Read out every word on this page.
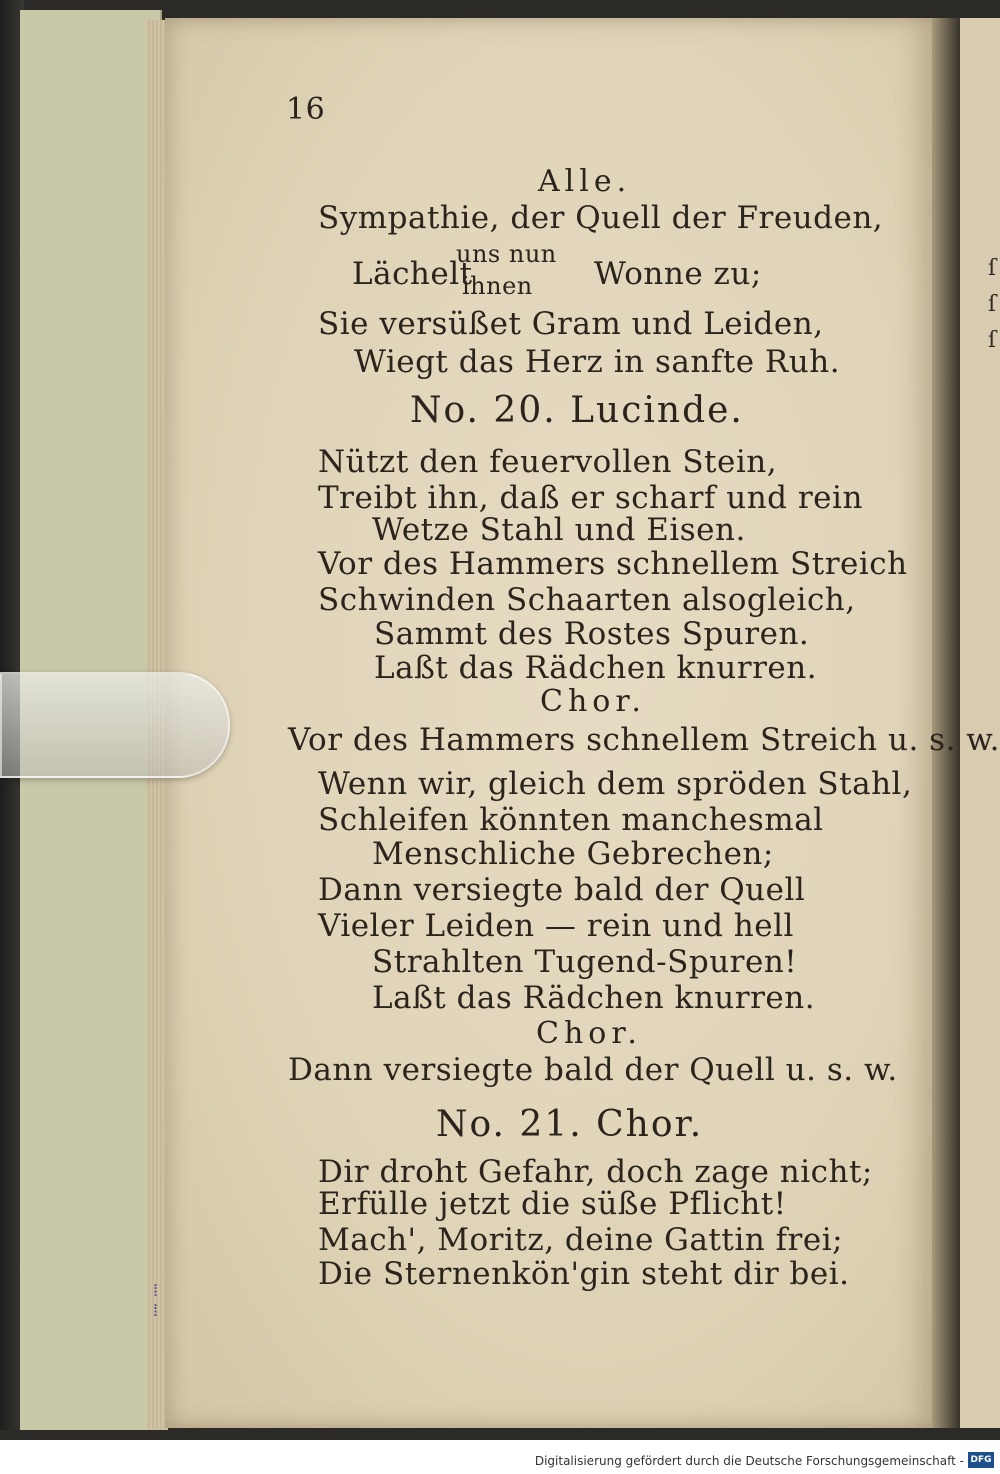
ſ
ſ
ſ
16
Alle.
Sympathie, der Quell der Freuden,
Lächelt
uns nun
ihnen Wonne zu;
Sie versüßet Gram und Leiden,
Wiegt das Herz in sanfte Ruh.
No. 20. Lucinde.
Nützt den feuervollen Stein,
Treibt ihn, daß er scharf und rein
Wetze Stahl und Eisen.
Vor des Hammers schnellem Streich
Schwinden Schaarten alsogleich,
Sammt des Rostes Spuren.
Laßt das Rädchen knurren.
Chor.
Vor des Hammers schnellem Streich u. s. w.
Wenn wir, gleich dem spröden Stahl,
Schleifen könnten manchesmal
Menschliche Gebrechen;
Dann versiegte bald der Quell
Vieler Leiden — rein und hell
Strahlten Tugend-Spuren!
Laßt das Rädchen knurren.
Chor.
Dann versiegte bald der Quell u. s. w.
No. 21. Chor.
Dir droht Gefahr, doch zage nicht;
Erfülle jetzt die süße Pflicht!
Mach', Moritz, deine Gattin frei;
Die Sternenkön'gin steht dir bei.
⁞
⁞
Digitalisierung gefördert durch die Deutsche Forschungsgemeinschaft - DFG
